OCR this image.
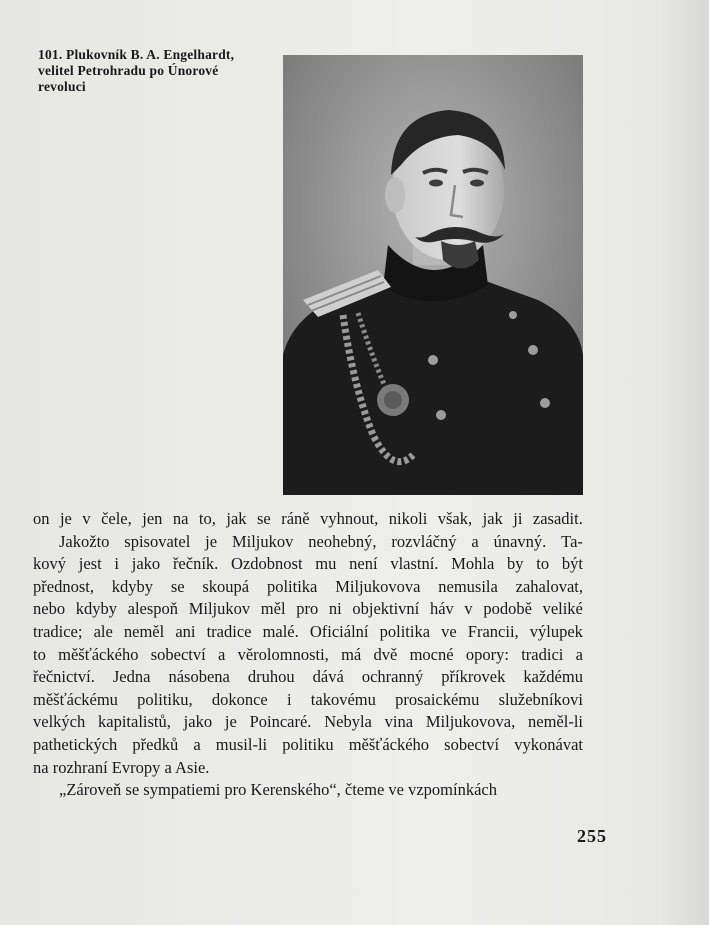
101. Plukovník B. A. Engelhardt,
velitel Petrohradu po Únorové
revoluci
on je v čele, jen na to, jak se ráně vyhnout, nikoli však, jak ji zasadit.
Jakožto spisovatel je Miljukov neohebný, rozvláčný a únavný. Ta-
kový jest i jako řečník. Ozdobnost mu není vlastní. Mohla by to být
přednost, kdyby se skoupá politika Miljukovova nemusila zahalovat,
nebo kdyby alespoň Miljukov měl pro ni objektivní háv v podobě veliké
tradice; ale neměl ani tradice malé. Oficiální politika ve Francii, výlupek
to měšťáckého sobectví a věrolomnosti, má dvě mocné opory: tradici a
řečnictví. Jedna násobena druhou dává ochranný příkrovek každému
měšťáckému politiku, dokonce i takovému prosaickému služebníkovi
velkých kapitalistů, jako je Poincaré. Nebyla vina Miljukovova, neměl-li
pathetických předků a musil-li politiku měšťáckého sobectví vykonávat
na rozhraní Evropy a Asie.
„Zároveň se sympatiemi pro Kerenského“, čteme ve vzpomínkách
255
